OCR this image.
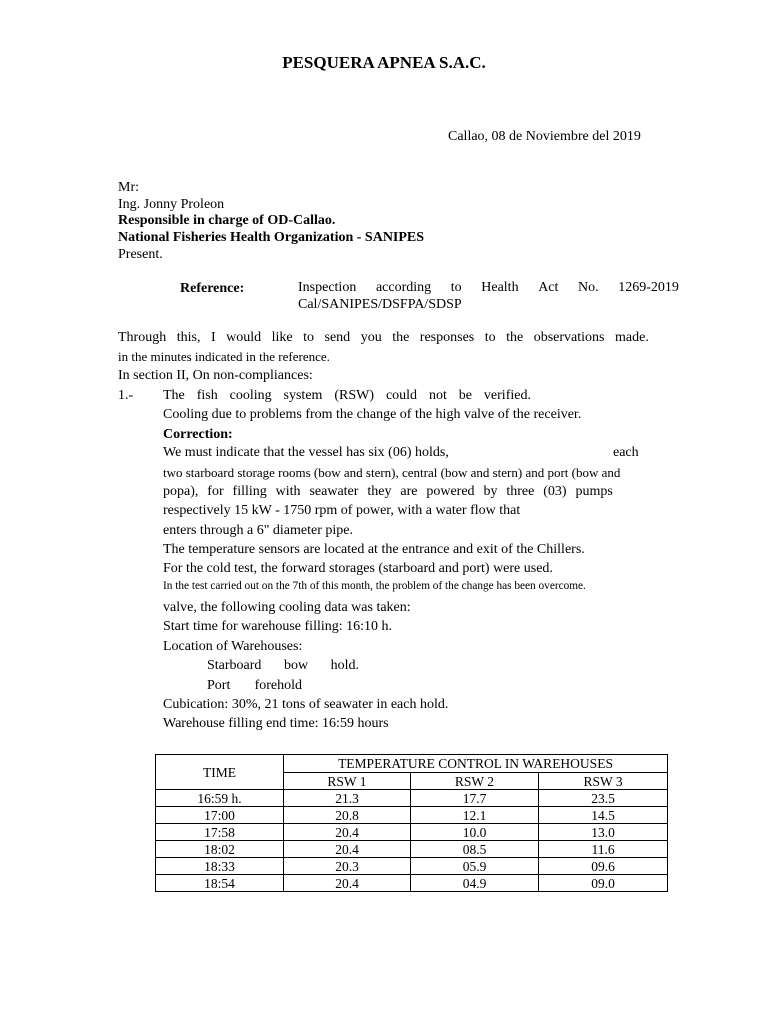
PESQUERA APNEA S.A.C.
Callao, 08 de Noviembre del 2019
Mr:
Ing. Jonny Proleon
Responsible in charge of OD-Callao.
National Fisheries Health Organization - SANIPES
Present.
Reference:	Inspection according to Health Act No. 1269-2019
Cal/SANIPES/DSFPA/SDSP
Through this, I would like to send you the responses to the observations made.
in the minutes indicated in the reference.
In section II, On non-compliances:
1.- The fish cooling system (RSW) could not be verified.
Cooling due to problems from the change of the high valve of the receiver.
Correction:
We must indicate that the vessel has six (06) holds,	each
two starboard storage rooms (bow and stern), central (bow and stern) and port (bow and
popa), for filling with seawater they are powered by three (03) pumps
respectively 15 kW - 1750 rpm of power, with a water flow that
enters through a 6" diameter pipe.
The temperature sensors are located at the entrance and exit of the Chillers.
For the cold test, the forward storages (starboard and port) were used.
In the test carried out on the 7th of this month, the problem of the change has been overcome.
valve, the following cooling data was taken:
Start time for warehouse filling: 16:10 h.
Location of Warehouses:
Starboard bow hold.
Port forehold
Cubication: 30%, 21 tons of seawater in each hold.
Warehouse filling end time: 16:59 hours
TIME	TEMPERATURE CONTROL IN WAREHOUSES		
	RSW 1	RSW 2	RSW 3
16:59 h.	21.3	17.7	23.5
17:00	20.8	12.1	14.5
17:58	20.4	10.0	13.0
18:02	20.4	08.5	11.6
18:33	20.3	05.9	09.6
18:54	20.4	04.9	09.0
